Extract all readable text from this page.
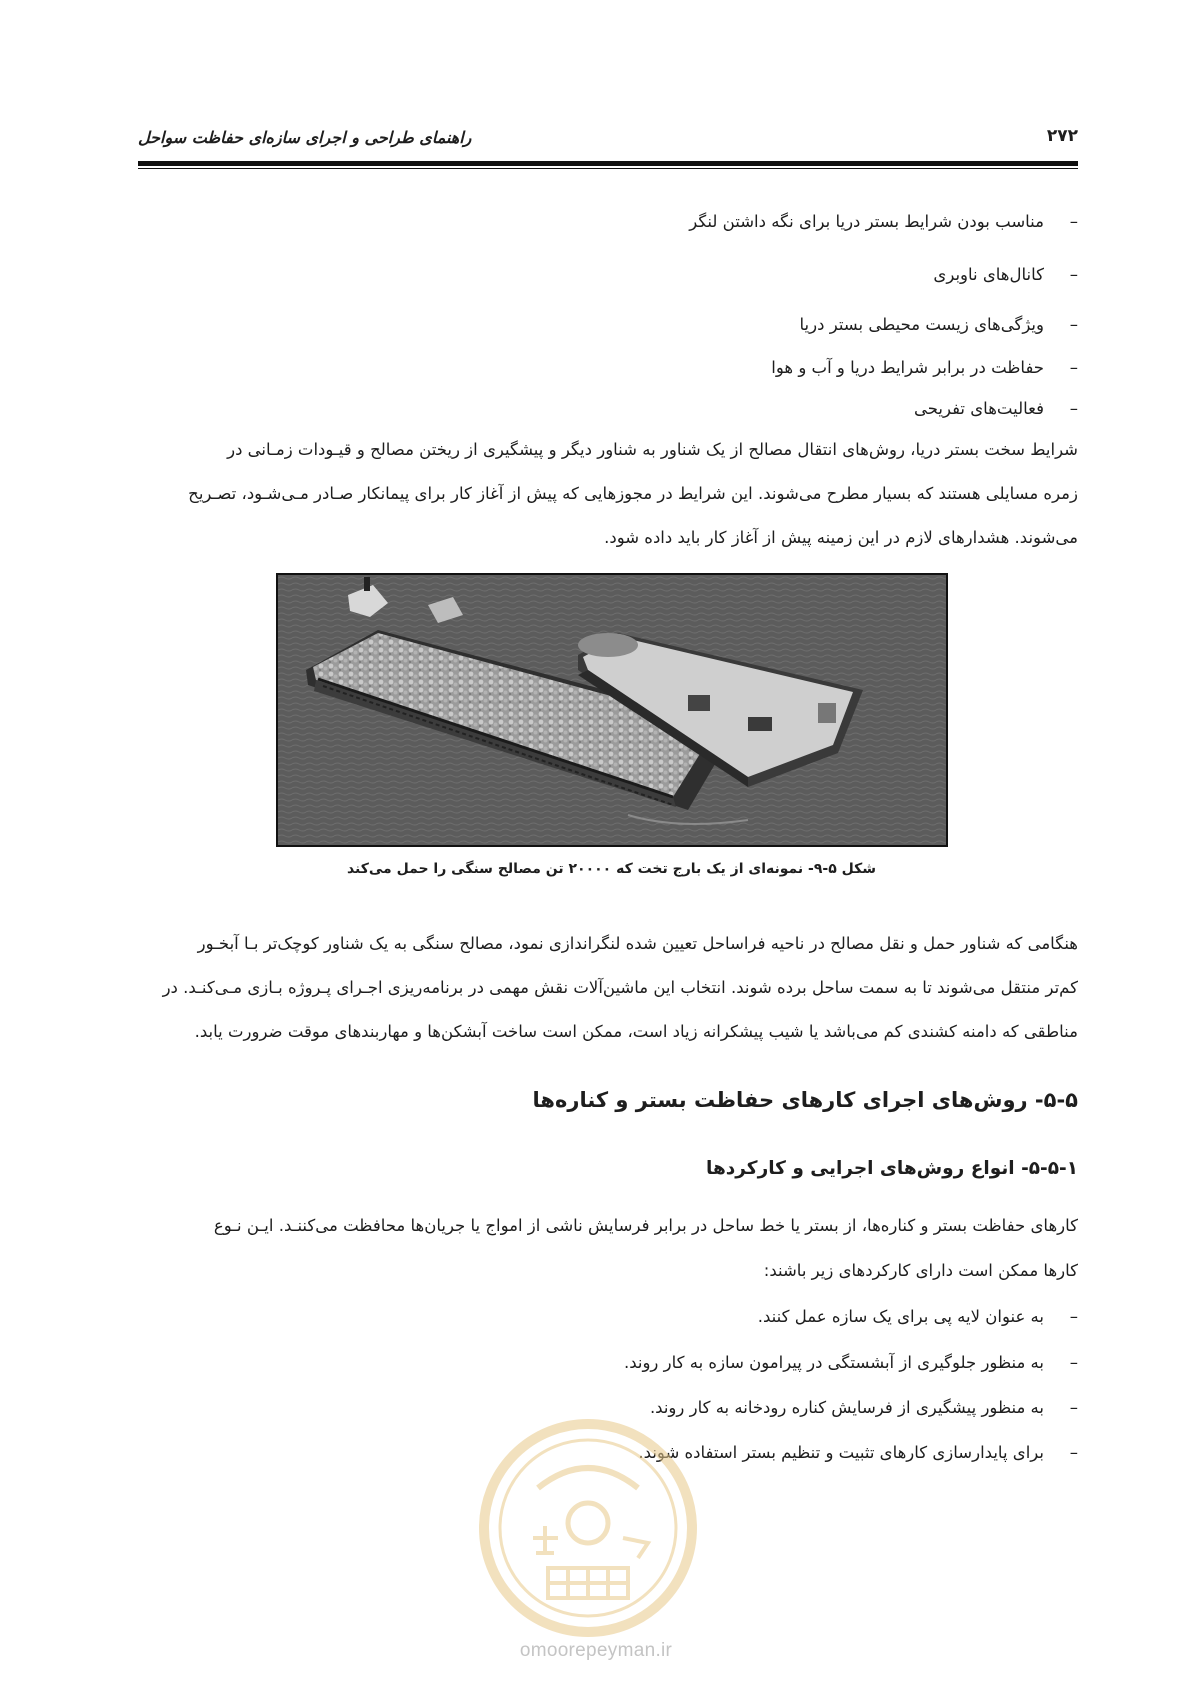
راهنمای طراحی و اجرای سازه‌ای حفاظت سواحل	۲۷۲
–مناسب بودن شرایط بستر دریا برای نگه داشتن لنگر
–کانال‌های ناوبری
–ویژگی‌های زیست محیطی بستر دریا
–حفاظت در برابر شرایط دریا و آب و هوا
–فعالیت‌های تفریحی
شرایط سخت بستر دریا، روش‌های انتقال مصالح از یک شناور به شناور دیگر و پیشگیری از ریختن مصالح و قیـودات زمـانی در
زمره مسایلی هستند که بسیار مطرح می‌شوند. این شرایط در مجوزهایی که پیش از آغاز کار برای پیمانکار صـادر مـی‌شـود، تصـریح
می‌شوند. هشدارهای لازم در این زمینه پیش از آغاز کار باید داده شود.
شکل ۵-۹- نمونه‌ای از یک بارج تخت که ۲۰۰۰۰ تن مصالح سنگی را حمل می‌کند
هنگامی که شناور حمل و نقل مصالح در ناحیه فراساحل تعیین شده لنگراندازی نمود، مصالح سنگی به یک شناور کوچک‌تر بـا آبخـور
کم‌تر منتقل می‌شوند تا به سمت ساحل برده شوند. انتخاب این ماشین‌آلات نقش مهمی در برنامه‌ریزی اجـرای پـروژه بـازی مـی‌کنـد. در
مناطقی که دامنه کشندی کم می‌باشد یا شیب پیشکرانه زیاد است، ممکن است ساخت آبشکن‌ها و مهاربندهای موقت ضرورت یابد.
۵-۵- روش‌های اجرای کارهای حفاظت بستر و کناره‌ها
۵-۵-۱- انواع روش‌های اجرایی و کارکردها
کارهای حفاظت بستر و کناره‌ها، از بستر یا خط ساحل در برابر فرسایش ناشی از امواج یا جریان‌ها محافظت می‌کننـد. ایـن نـوع
کارها ممکن است دارای کارکردهای زیر باشند:
–به عنوان لایه پی برای یک سازه عمل کنند.
–به منظور جلوگیری از آبشستگی در پیرامون سازه به کار روند.
–به منظور پیشگیری از فرسایش کناره رودخانه به کار روند.
–برای پایدارسازی کارهای تثبیت و تنظیم بستر استفاده شوند.
omoorepeyman.ir
